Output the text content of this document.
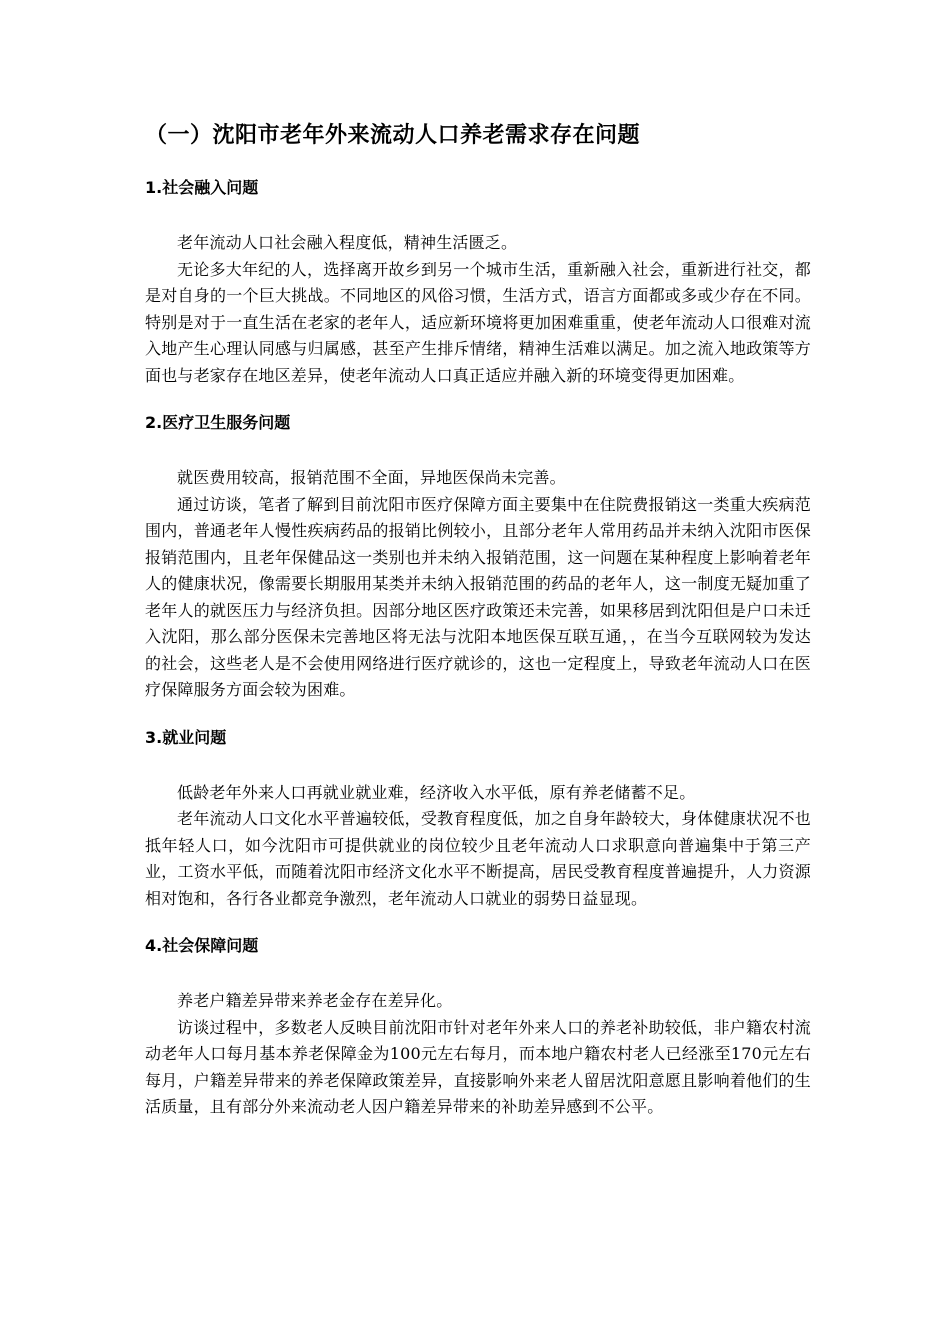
（一）沈阳市老年外来流动人口养老需求存在问题
1.社会融入问题

老年流动人口社会融入程度低，精神生活匮乏。

无论多大年纪的人，选择离开故乡到另一个城市生活，重新融入社会，重新进行社交，都是对自身的一个巨大挑战。不同地区的风俗习惯，生活方式，语言方面都或多或少存在不同。特别是对于一直生活在老家的老年人，适应新环境将更加困难重重，使老年流动人口很难对流入地产生心理认同感与归属感，甚至产生排斥情绪，精神生活难以满足。加之流入地政策等方面也与老家存在地区差异，使老年流动人口真正适应并融入新的环境变得更加困难。

2.医疗卫生服务问题

就医费用较高，报销范围不全面，异地医保尚未完善。

通过访谈，笔者了解到目前沈阳市医疗保障方面主要集中在住院费报销这一类重大疾病范围内，普通老年人慢性疾病药品的报销比例较小，且部分老年人常用药品并未纳入沈阳市医保报销范围内，且老年保健品这一类别也并未纳入报销范围，这一问题在某种程度上影响着老年人的健康状况，像需要长期服用某类并未纳入报销范围的药品的老年人，这一制度无疑加重了老年人的就医压力与经济负担。因部分地区医疗政策还未完善，如果移居到沈阳但是户口未迁入沈阳，那么部分医保未完善地区将无法与沈阳本地医保互联互通，，在当今互联网较为发达的社会，这些老人是不会使用网络进行医疗就诊的，这也一定程度上，导致老年流动人口在医疗保障服务方面会较为困难。

3.就业问题

低龄老年外来人口再就业就业难，经济收入水平低，原有养老储蓄不足。

老年流动人口文化水平普遍较低，受教育程度低，加之自身年龄较大，身体健康状况不也抵年轻人口，如今沈阳市可提供就业的岗位较少且老年流动人口求职意向普遍集中于第三产业，工资水平低，而随着沈阳市经济文化水平不断提高，居民受教育程度普遍提升，人力资源相对饱和，各行各业都竞争激烈，老年流动人口就业的弱势日益显现。

4.社会保障问题

养老户籍差异带来养老金存在差异化。

访谈过程中，多数老人反映目前沈阳市针对老年外来人口的养老补助较低，非户籍农村流动老年人口每月基本养老保障金为100元左右每月，而本地户籍农村老人已经涨至170元左右每月，户籍差异带来的养老保障政策差异，直接影响外来老人留居沈阳意愿且影响着他们的生活质量，且有部分外来流动老人因户籍差异带来的补助差异感到不公平。
